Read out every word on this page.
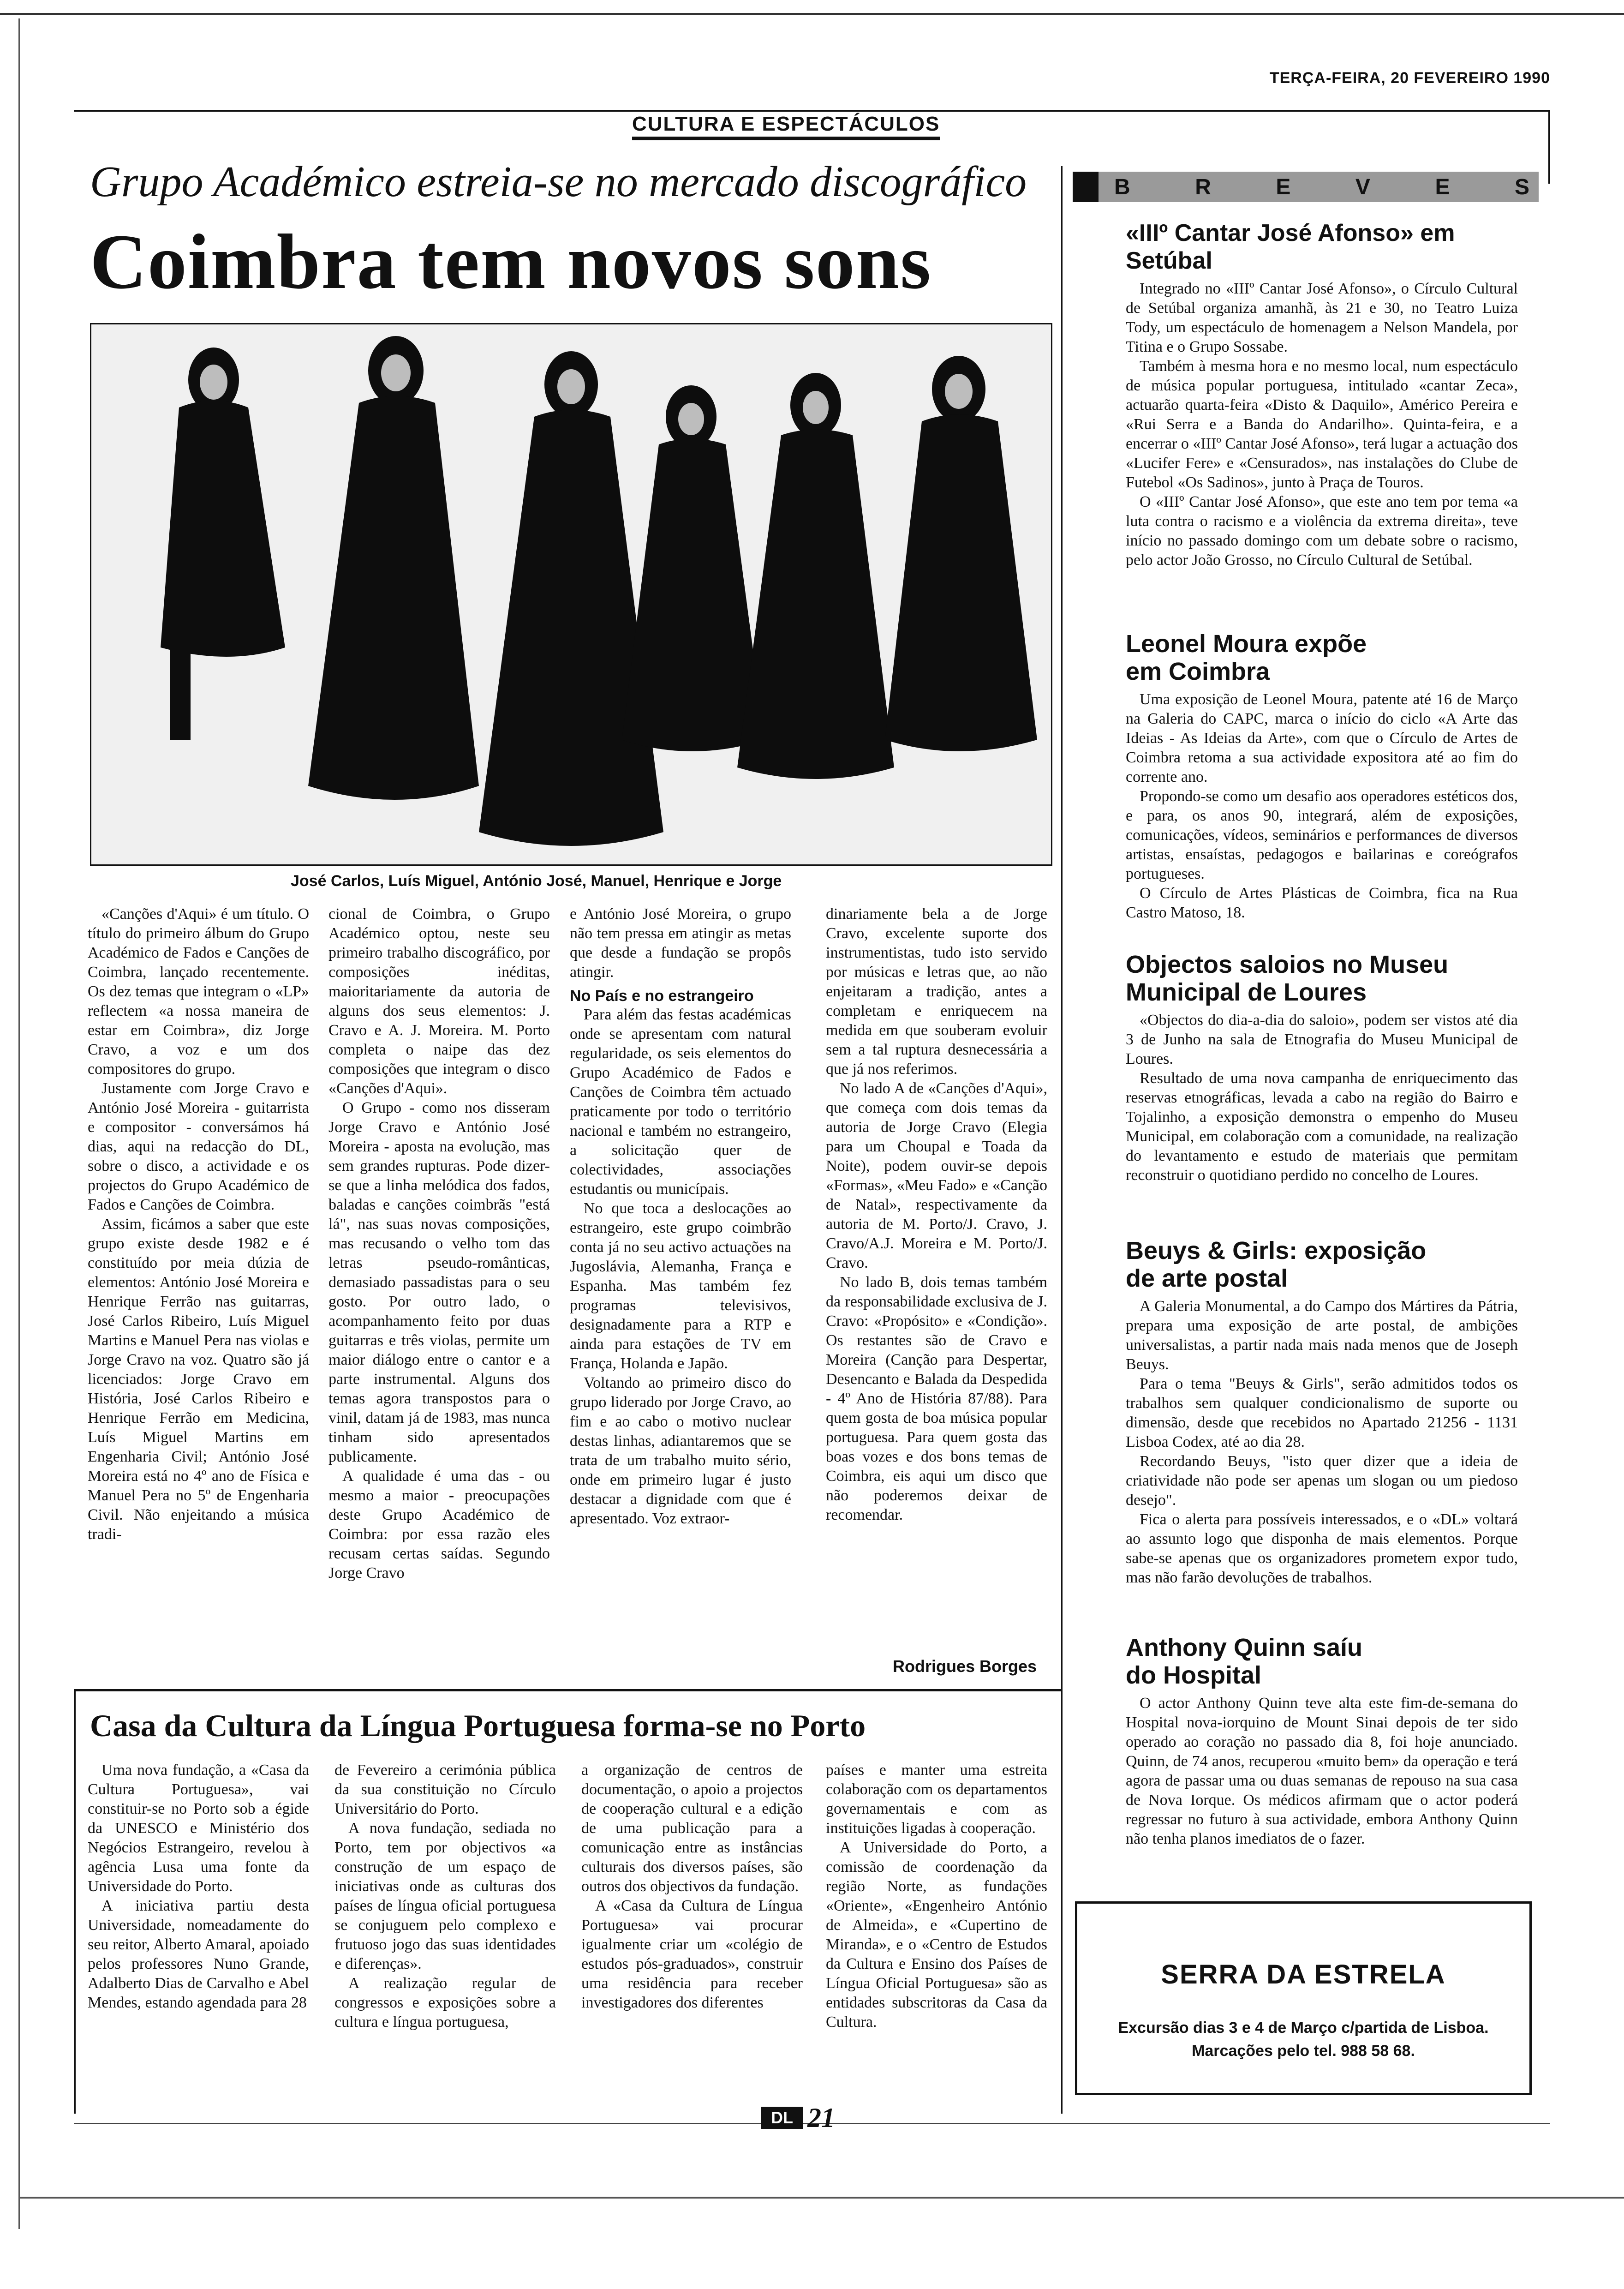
TERÇA-FEIRA, 20 FEVEREIRO 1990
CULTURA E ESPECTÁCULOS
Grupo Académico estreia-se no mercado discográfico
Coimbra tem novos sons
José Carlos, Luís Miguel, António José, Manuel, Henrique e Jorge

«Canções d'Aqui» é um título. O título do primeiro álbum do Grupo Académico de Fados e Canções de Coimbra, lançado recentemente. Os dez temas que integram o «LP» reflectem «a nossa maneira de estar em Coimbra», diz Jorge Cravo, a voz e um dos compositores do grupo.

Justamente com Jorge Cravo e António José Moreira - guitarrista e compositor - conversámos há dias, aqui na redacção do DL, sobre o disco, a actividade e os projectos do Grupo Académico de Fados e Canções de Coimbra.

Assim, ficámos a saber que este grupo existe desde 1982 e é constituído por meia dúzia de elementos: António José Moreira e Henrique Ferrão nas guitarras, José Carlos Ribeiro, Luís Miguel Martins e Manuel Pera nas violas e Jorge Cravo na voz. Quatro são já licenciados: Jorge Cravo em História, José Carlos Ribeiro e Henrique Ferrão em Medicina, Luís Miguel Martins em Engenharia Civil; António José Moreira está no 4º ano de Física e Manuel Pera no 5º de Engenharia Civil. Não enjeitando a música tradi-

cional de Coimbra, o Grupo Académico optou, neste seu primeiro trabalho discográfico, por composições inéditas, maioritariamente da autoria de alguns dos seus elementos: J. Cravo e A. J. Moreira. M. Porto completa o naipe das dez composições que integram o disco «Canções d'Aqui».

O Grupo - como nos disseram Jorge Cravo e António José Moreira - aposta na evolução, mas sem grandes rupturas. Pode dizer-se que a linha melódica dos fados, baladas e canções coimbrãs "está lá", nas suas novas composições, mas recusando o velho tom das letras pseudo-românticas, demasiado passadistas para o seu gosto. Por outro lado, o acompanhamento feito por duas guitarras e três violas, permite um maior diálogo entre o cantor e a parte instrumental. Alguns dos temas agora transpostos para o vinil, datam já de 1983, mas nunca tinham sido apresentados publicamente.

A qualidade é uma das - ou mesmo a maior - preocupações deste Grupo Académico de Coimbra: por essa razão eles recusam certas saídas. Segundo Jorge Cravo

e António José Moreira, o grupo não tem pressa em atingir as metas que desde a fundação se propôs atingir.

No País e no estrangeiro

Para além das festas académicas onde se apresentam com natural regularidade, os seis elementos do Grupo Académico de Fados e Canções de Coimbra têm actuado praticamente por todo o território nacional e também no estrangeiro, a solicitação quer de colectividades, associações estudantis ou municípais.

No que toca a deslocações ao estrangeiro, este grupo coimbrão conta já no seu activo actuações na Jugoslávia, Alemanha, França e Espanha. Mas também fez programas televisivos, designadamente para a RTP e ainda para estações de TV em França, Holanda e Japão.

Voltando ao primeiro disco do grupo liderado por Jorge Cravo, ao fim e ao cabo o motivo nuclear destas linhas, adiantaremos que se trata de um trabalho muito sério, onde em primeiro lugar é justo destacar a dignidade com que é apresentado. Voz extraor-

dinariamente bela a de Jorge Cravo, excelente suporte dos instrumentistas, tudo isto servido por músicas e letras que, ao não enjeitaram a tradição, antes a completam e enriquecem na medida em que souberam evoluir sem a tal ruptura desnecessária a que já nos referimos.

No lado A de «Canções d'Aqui», que começa com dois temas da autoria de Jorge Cravo (Elegia para um Choupal e Toada da Noite), podem ouvir-se depois «Formas», «Meu Fado» e «Canção de Natal», respectivamente da autoria de M. Porto/J. Cravo, J. Cravo/A.J. Moreira e M. Porto/J. Cravo.

No lado B, dois temas também da responsabilidade exclusiva de J. Cravo: «Propósito» e «Condição». Os restantes são de Cravo e Moreira (Canção para Despertar, Desencanto e Balada da Despedida - 4º Ano de História 87/88). Para quem gosta de boa música popular portuguesa. Para quem gosta das boas vozes e dos bons temas de Coimbra, eis aqui um disco que não poderemos deixar de recomendar.

Rodrigues Borges
Casa da Cultura da Língua Portuguesa forma-se no Porto

Uma nova fundação, a «Casa da Cultura Portuguesa», vai constituir-se no Porto sob a égide da UNESCO e Ministério dos Negócios Estrangeiro, revelou à agência Lusa uma fonte da Universidade do Porto.

A iniciativa partiu desta Universidade, nomeadamente do seu reitor, Alberto Amaral, apoiado pelos professores Nuno Grande, Adalberto Dias de Carvalho e Abel Mendes, estando agendada para 28

de Fevereiro a cerimónia pública da sua constituição no Círculo Universitário do Porto.

A nova fundação, sediada no Porto, tem por objectivos «a construção de um espaço de iniciativas onde as culturas dos países de língua oficial portuguesa se conjuguem pelo complexo e frutuoso jogo das suas identidades e diferenças».

A realização regular de congressos e exposições sobre a cultura e língua portuguesa,

a organização de centros de documentação, o apoio a projectos de cooperação cultural e a edição de uma publicação para a comunicação entre as instâncias culturais dos diversos países, são outros dos objectivos da fundação.

A «Casa da Cultura de Língua Portuguesa» vai procurar igualmente criar um «colégio de estudos pós-graduados», construir uma residência para receber investigadores dos diferentes

países e manter uma estreita colaboração com os departamentos governamentais e com as instituições ligadas à cooperação.

A Universidade do Porto, a comissão de coordenação da região Norte, as fundações «Oriente», «Engenheiro António de Almeida», e «Cupertino de Miranda», e o «Centro de Estudos da Cultura e Ensino dos Países de Língua Oficial Portuguesa» são as entidades subscritoras da Casa da Cultura.

B	R	E	V	E	S
«IIIº Cantar José Afonso» em Setúbal

Integrado no «IIIº Cantar José Afonso», o Círculo Cultural de Setúbal organiza amanhã, às 21 e 30, no Teatro Luiza Tody, um espectáculo de homenagem a Nelson Mandela, por Titina e o Grupo Sossabe.

Também à mesma hora e no mesmo local, num espectáculo de música popular portuguesa, intitulado «cantar Zeca», actuarão quarta-feira «Disto & Daquilo», Américo Pereira e «Rui Serra e a Banda do Andarilho». Quinta-feira, e a encerrar o «IIIº Cantar José Afonso», terá lugar a actuação dos «Lucifer Fere» e «Censurados», nas instalações do Clube de Futebol «Os Sadinos», junto à Praça de Touros.

O «IIIº Cantar José Afonso», que este ano tem por tema «a luta contra o racismo e a violência da extrema direita», teve início no passado domingo com um debate sobre o racismo, pelo actor João Grosso, no Círculo Cultural de Setúbal.

Leonel Moura expõe em Coimbra

Uma exposição de Leonel Moura, patente até 16 de Março na Galeria do CAPC, marca o início do ciclo «A Arte das Ideias - As Ideias da Arte», com que o Círculo de Artes de Coimbra retoma a sua actividade expositora até ao fim do corrente ano.

Propondo-se como um desafio aos operadores estéticos dos, e para, os anos 90, integrará, além de exposições, comunicações, vídeos, seminários e performances de diversos artistas, ensaístas, pedagogos e bailarinas e coreógrafos portugueses.

O Círculo de Artes Plásticas de Coimbra, fica na Rua Castro Matoso, 18.

Objectos saloios no Museu Municipal de Loures

«Objectos do dia-a-dia do saloio», podem ser vistos até dia 3 de Junho na sala de Etnografia do Museu Municipal de Loures.

Resultado de uma nova campanha de enriquecimento das reservas etnográficas, levada a cabo na região do Bairro e Tojalinho, a exposição demonstra o empenho do Museu Municipal, em colaboração com a comunidade, na realização do levantamento e estudo de materiais que permitam reconstruir o quotidiano perdido no concelho de Loures.

Beuys & Girls: exposição de arte postal

A Galeria Monumental, a do Campo dos Mártires da Pátria, prepara uma exposição de arte postal, de ambições universalistas, a partir nada mais nada menos que de Joseph Beuys.

Para o tema "Beuys & Girls", serão admitidos todos os trabalhos sem qualquer condicionalismo de suporte ou dimensão, desde que recebidos no Apartado 21256 - 1131 Lisboa Codex, até ao dia 28.

Recordando Beuys, "isto quer dizer que a ideia de criatividade não pode ser apenas um slogan ou um piedoso desejo".

Fica o alerta para possíveis interessados, e o «DL» voltará ao assunto logo que disponha de mais elementos. Porque sabe-se apenas que os organizadores prometem expor tudo, mas não farão devoluções de trabalhos.

Anthony Quinn saíu do Hospital

O actor Anthony Quinn teve alta este fim-de-semana do Hospital nova-iorquino de Mount Sinai depois de ter sido operado ao coração no passado dia 8, foi hoje anunciado. Quinn, de 74 anos, recuperou «muito bem» da operação e terá agora de passar uma ou duas semanas de repouso na sua casa de Nova Iorque. Os médicos afirmam que o actor poderá regressar no futuro à sua actividade, embora Anthony Quinn não tenha planos imediatos de o fazer.

SERRA DA ESTRELA
Excursão dias 3 e 4 de Março c/partida de Lisboa.
Marcações pelo tel. 988 58 68.
DL 21
